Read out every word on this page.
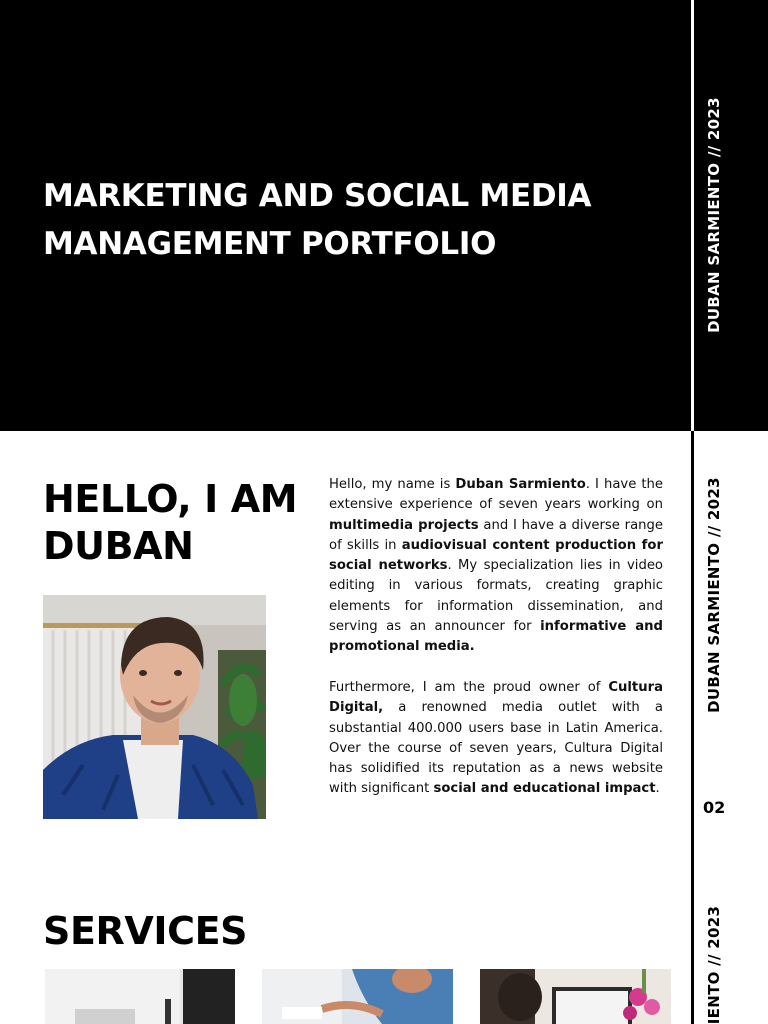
MARKETING AND SOCIAL MEDIA
MANAGEMENT PORTFOLIO	DUBAN SARMIENTO // 2023
HELLO, I AM
DUBAN

Hello, my name is Duban Sarmiento. I have the extensive experience of seven years working on multimedia projects and I have a diverse range of skills in audiovisual content production for social networks. My specialization lies in video editing in various formats, creating graphic elements for information dissemination, and serving as an announcer for informative and promotional media.

Furthermore, I am the proud owner of Cultura Digital, a renowned media outlet with a substantial 400.000 users base in Latin America. Over the course of seven years, Cultura Digital has solidified its reputation as a news website with significant social and educational impact.

DUBAN SARMIENTO // 2023
02
SERVICES	IENTO // 2023
